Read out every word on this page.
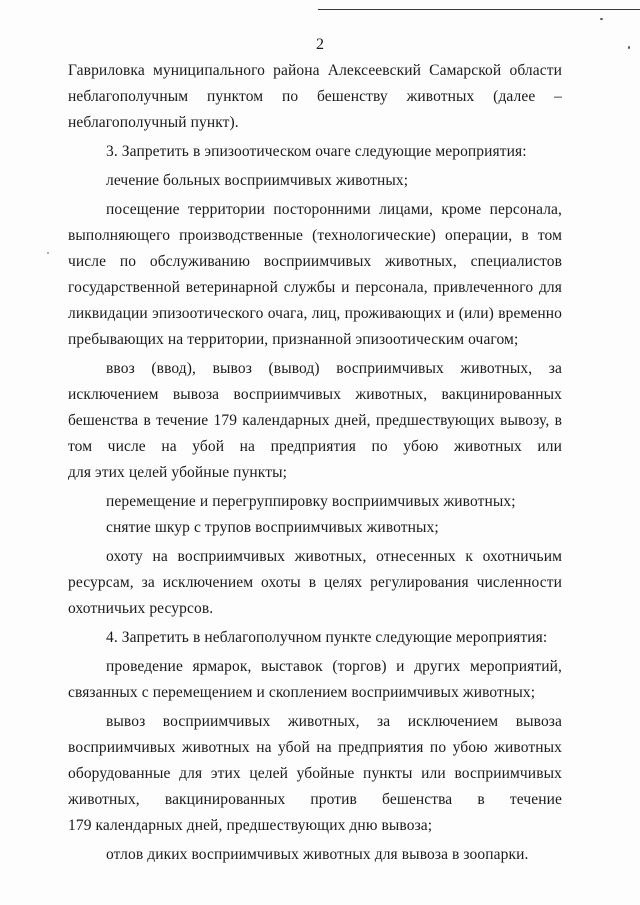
2
Гавриловка муниципального района Алексеевский Самарской области
неблагополучным пунктом по бешенству животных (далее –
неблагополучный пункт).
3. Запретить в эпизоотическом очаге следующие мероприятия:
лечение больных восприимчивых животных;
посещение территории посторонними лицами, кроме персонала,
выполняющего производственные (технологические) операции, в том
числе по обслуживанию восприимчивых животных, специалистов
государственной ветеринарной службы и персонала, привлеченного для
ликвидации эпизоотического очага, лиц, проживающих и (или) временно
пребывающих на территории, признанной эпизоотическим очагом;
ввоз (ввод), вывоз (вывод) восприимчивых животных, за
исключением вывоза восприимчивых животных, вакцинированных
бешенства в течение 179 календарных дней, предшествующих вывозу, в
том числе на убой на предприятия по убою животных или
для этих целей убойные пункты;
перемещение и перегруппировку восприимчивых животных;
снятие шкур с трупов восприимчивых животных;
охоту на восприимчивых животных, отнесенных к охотничьим
ресурсам, за исключением охоты в целях регулирования численности
охотничьих ресурсов.
4. Запретить в неблагополучном пункте следующие мероприятия:
проведение ярмарок, выставок (торгов) и других мероприятий,
связанных с перемещением и скоплением восприимчивых животных;
вывоз восприимчивых животных, за исключением вывоза
восприимчивых животных на убой на предприятия по убою животных
оборудованные для этих целей убойные пункты или восприимчивых
животных, вакцинированных против бешенства в течение
179 календарных дней, предшествующих дню вывоза;
отлов диких восприимчивых животных для вывоза в зоопарки.
